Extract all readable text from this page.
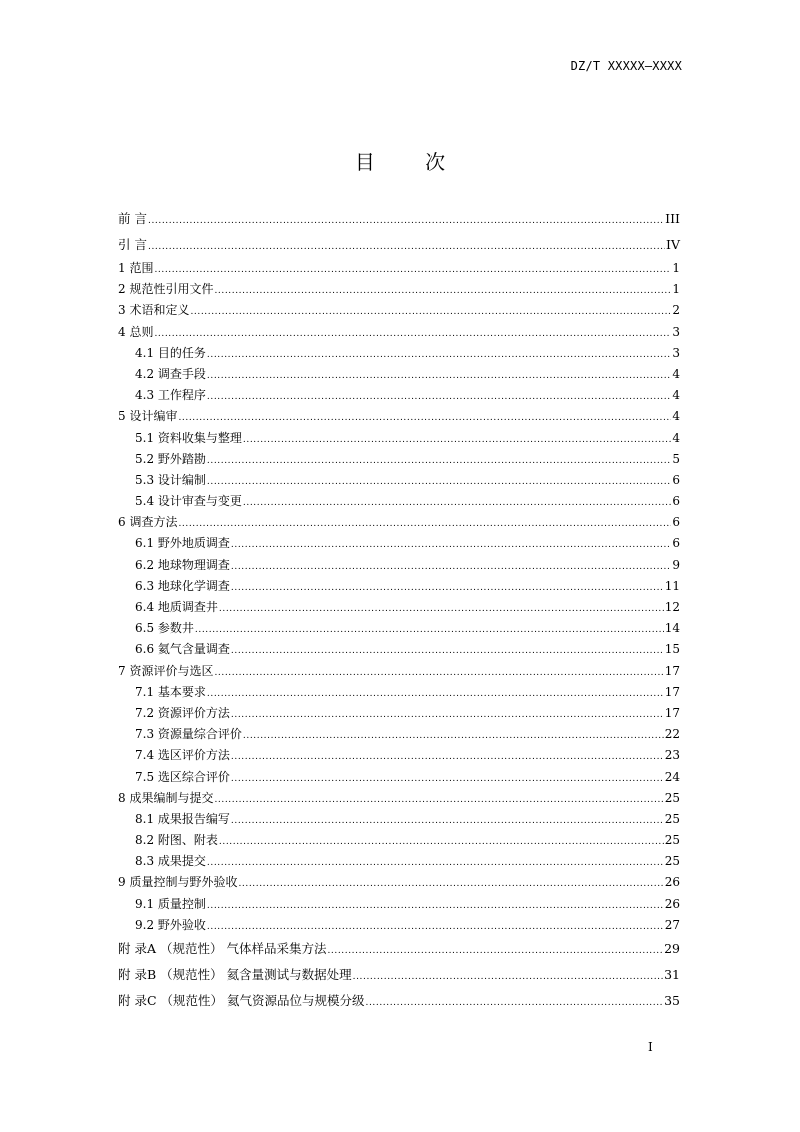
DZ/T XXXXX—XXXX
目 次
前 言 .....	III
引 言 .....	IV
1 范围 .....	1
2 规范性引用文件 .....	1
3 术语和定义 .....	2
4 总则 .....	3
4.1 目的任务 .....	3
4.2 调查手段 .....	4
4.3 工作程序 .....	4
5 设计编审 .....	4
5.1 资料收集与整理 .....	4
5.2 野外踏勘 .....	5
5.3 设计编制 .....	6
5.4 设计审查与变更 .....	6
6 调查方法 .....	6
6.1 野外地质调查 .....	6
6.2 地球物理调查 .....	9
6.3 地球化学调查 .....	11
6.4 地质调查井 .....	12
6.5 参数井 .....	14
6.6 氦气含量调查 .....	15
7 资源评价与选区 .....	17
7.1 基本要求 .....	17
7.2 资源评价方法 .....	17
7.3 资源量综合评价 .....	22
7.4 选区评价方法 .....	23
7.5 选区综合评价 .....	24
8 成果编制与提交 .....	25
8.1 成果报告编写 .....	25
8.2 附图、附表 .....	25
8.3 成果提交 .....	25
9 质量控制与野外验收 .....	26
9.1 质量控制 .....	26
9.2 野外验收 .....	27
附 录A （规范性） 气体样品采集方法 .....	29
附 录B （规范性） 氦含量测试与数据处理 .....	31
附 录C （规范性） 氦气资源品位与规模分级 .....	35
I
